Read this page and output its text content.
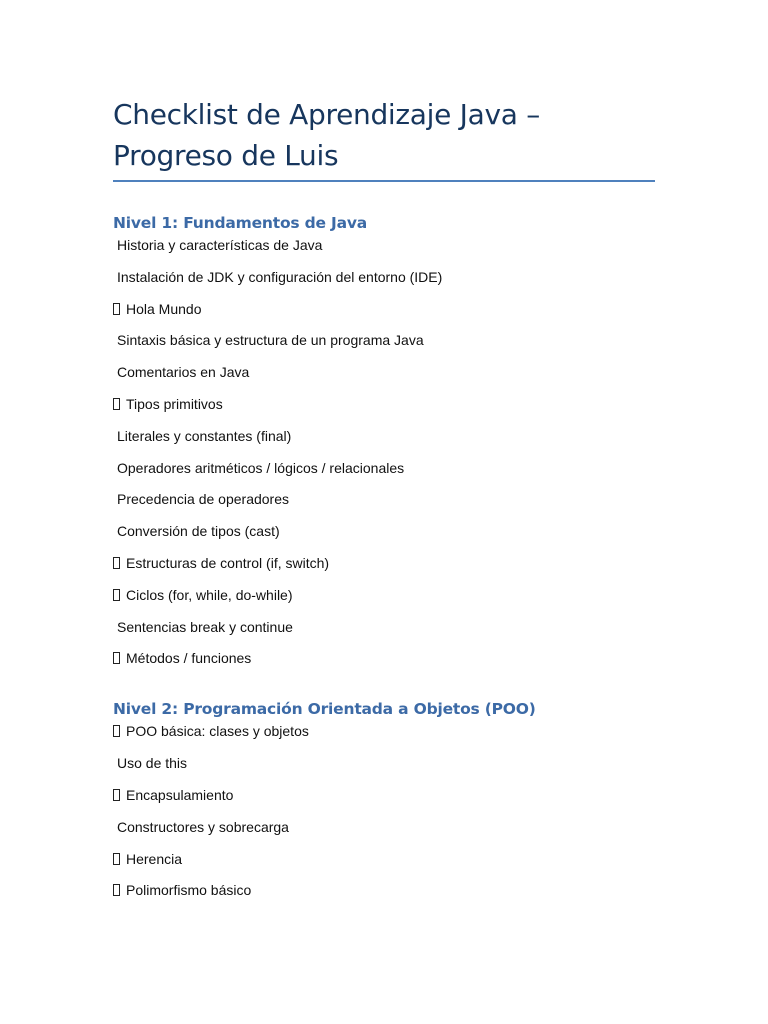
Checklist de Aprendizaje Java – Progreso de Luis
Nivel 1: Fundamentos de Java
Historia y características de Java
Instalación de JDK y configuración del entorno (IDE)
Hola Mundo
Sintaxis básica y estructura de un programa Java
Comentarios en Java
Tipos primitivos
Literales y constantes (final)
Operadores aritméticos / lógicos / relacionales
Precedencia de operadores
Conversión de tipos (cast)
Estructuras de control (if, switch)
Ciclos (for, while, do-while)
Sentencias break y continue
Métodos / funciones
Nivel 2: Programación Orientada a Objetos (POO)
POO básica: clases y objetos
Uso de this
Encapsulamiento
Constructores y sobrecarga
Herencia
Polimorfismo básico
